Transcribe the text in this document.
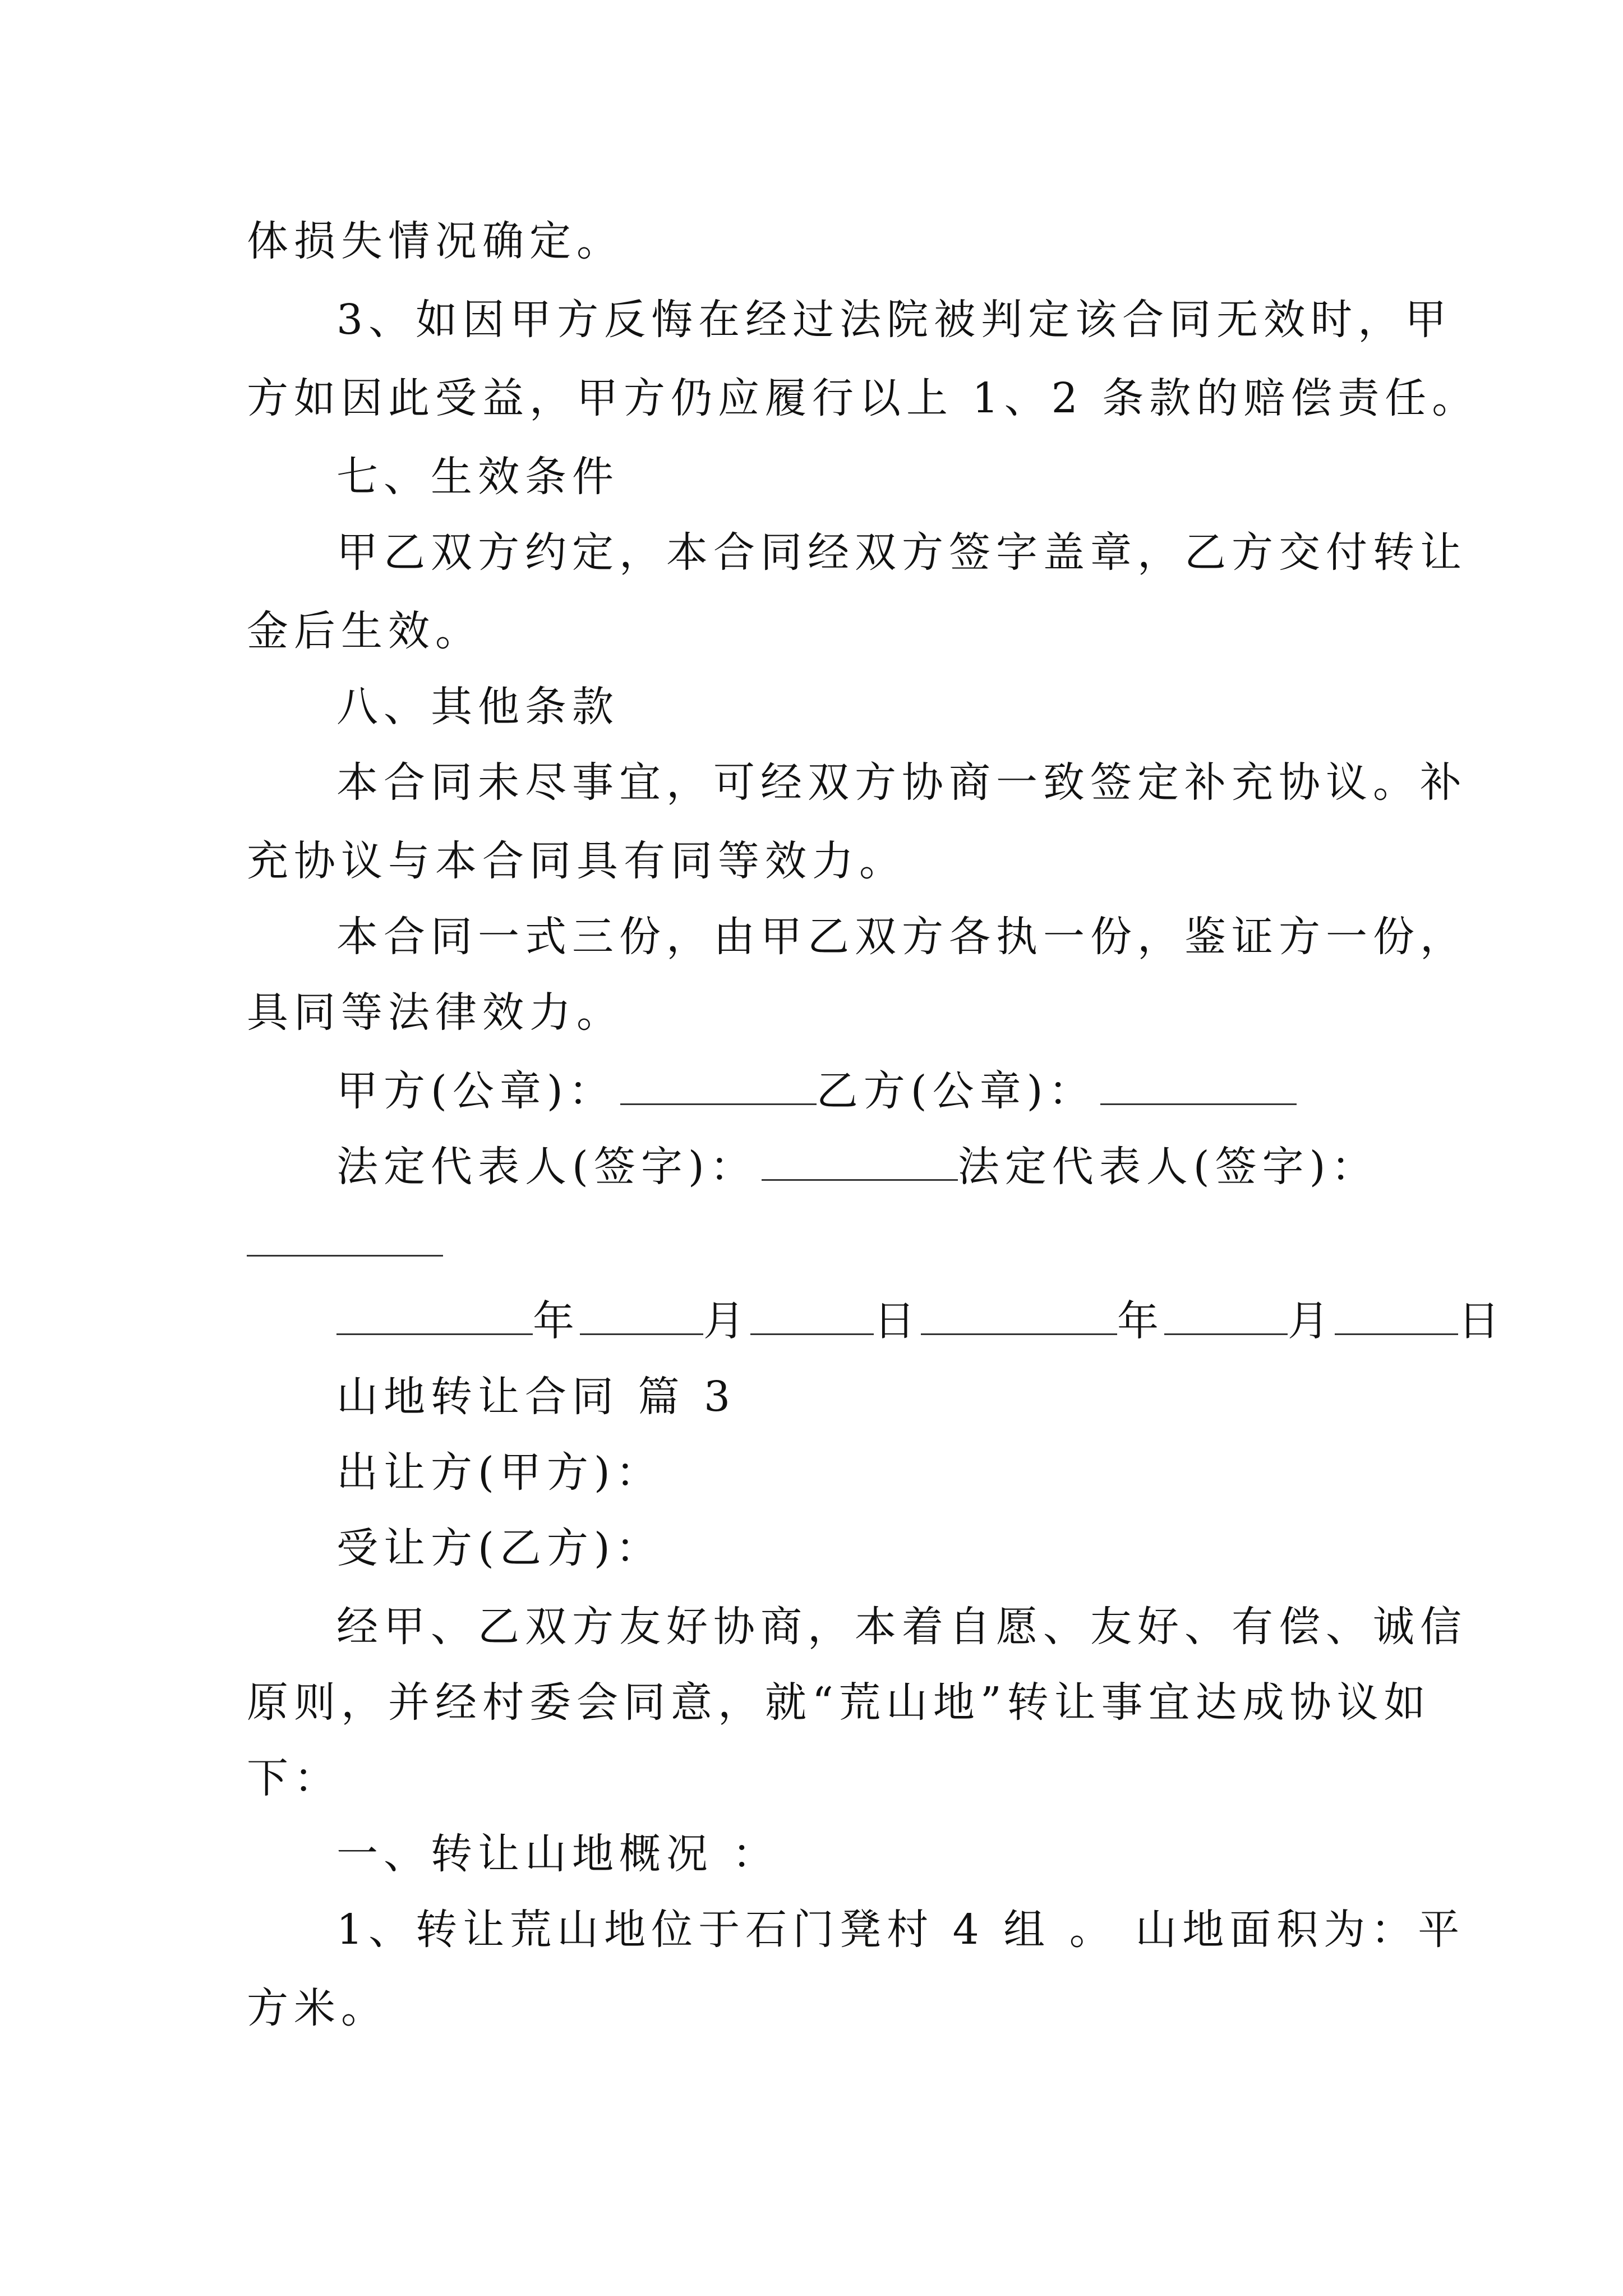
体损失情况确定。
3、如因甲方反悔在经过法院被判定该合同无效时，甲
方如因此受益，甲方仍应履行以上 1、2 条款的赔偿责任。
七、生效条件
甲乙双方约定，本合同经双方签字盖章，乙方交付转让
金后生效。
八、其他条款
本合同未尽事宜，可经双方协商一致签定补充协议。补
充协议与本合同具有同等效力。
本合同一式三份，由甲乙双方各执一份，鉴证方一份，
具同等法律效力。
甲方(公章)：	乙方(公章)：
法定代表人(签字)：	法定代表人(签字)：
年	月	日	年	月	日
山地转让合同 篇 3
出让方(甲方)：
受让方(乙方)：
经甲、乙双方友好协商，本着自愿、友好、有偿、诚信
原则，并经村委会同意，就“荒山地”转让事宜达成协议如
下：
一、转让山地概况 ：
1、转让荒山地位于石门凳村 4 组 。 山地面积为：平
方米。
